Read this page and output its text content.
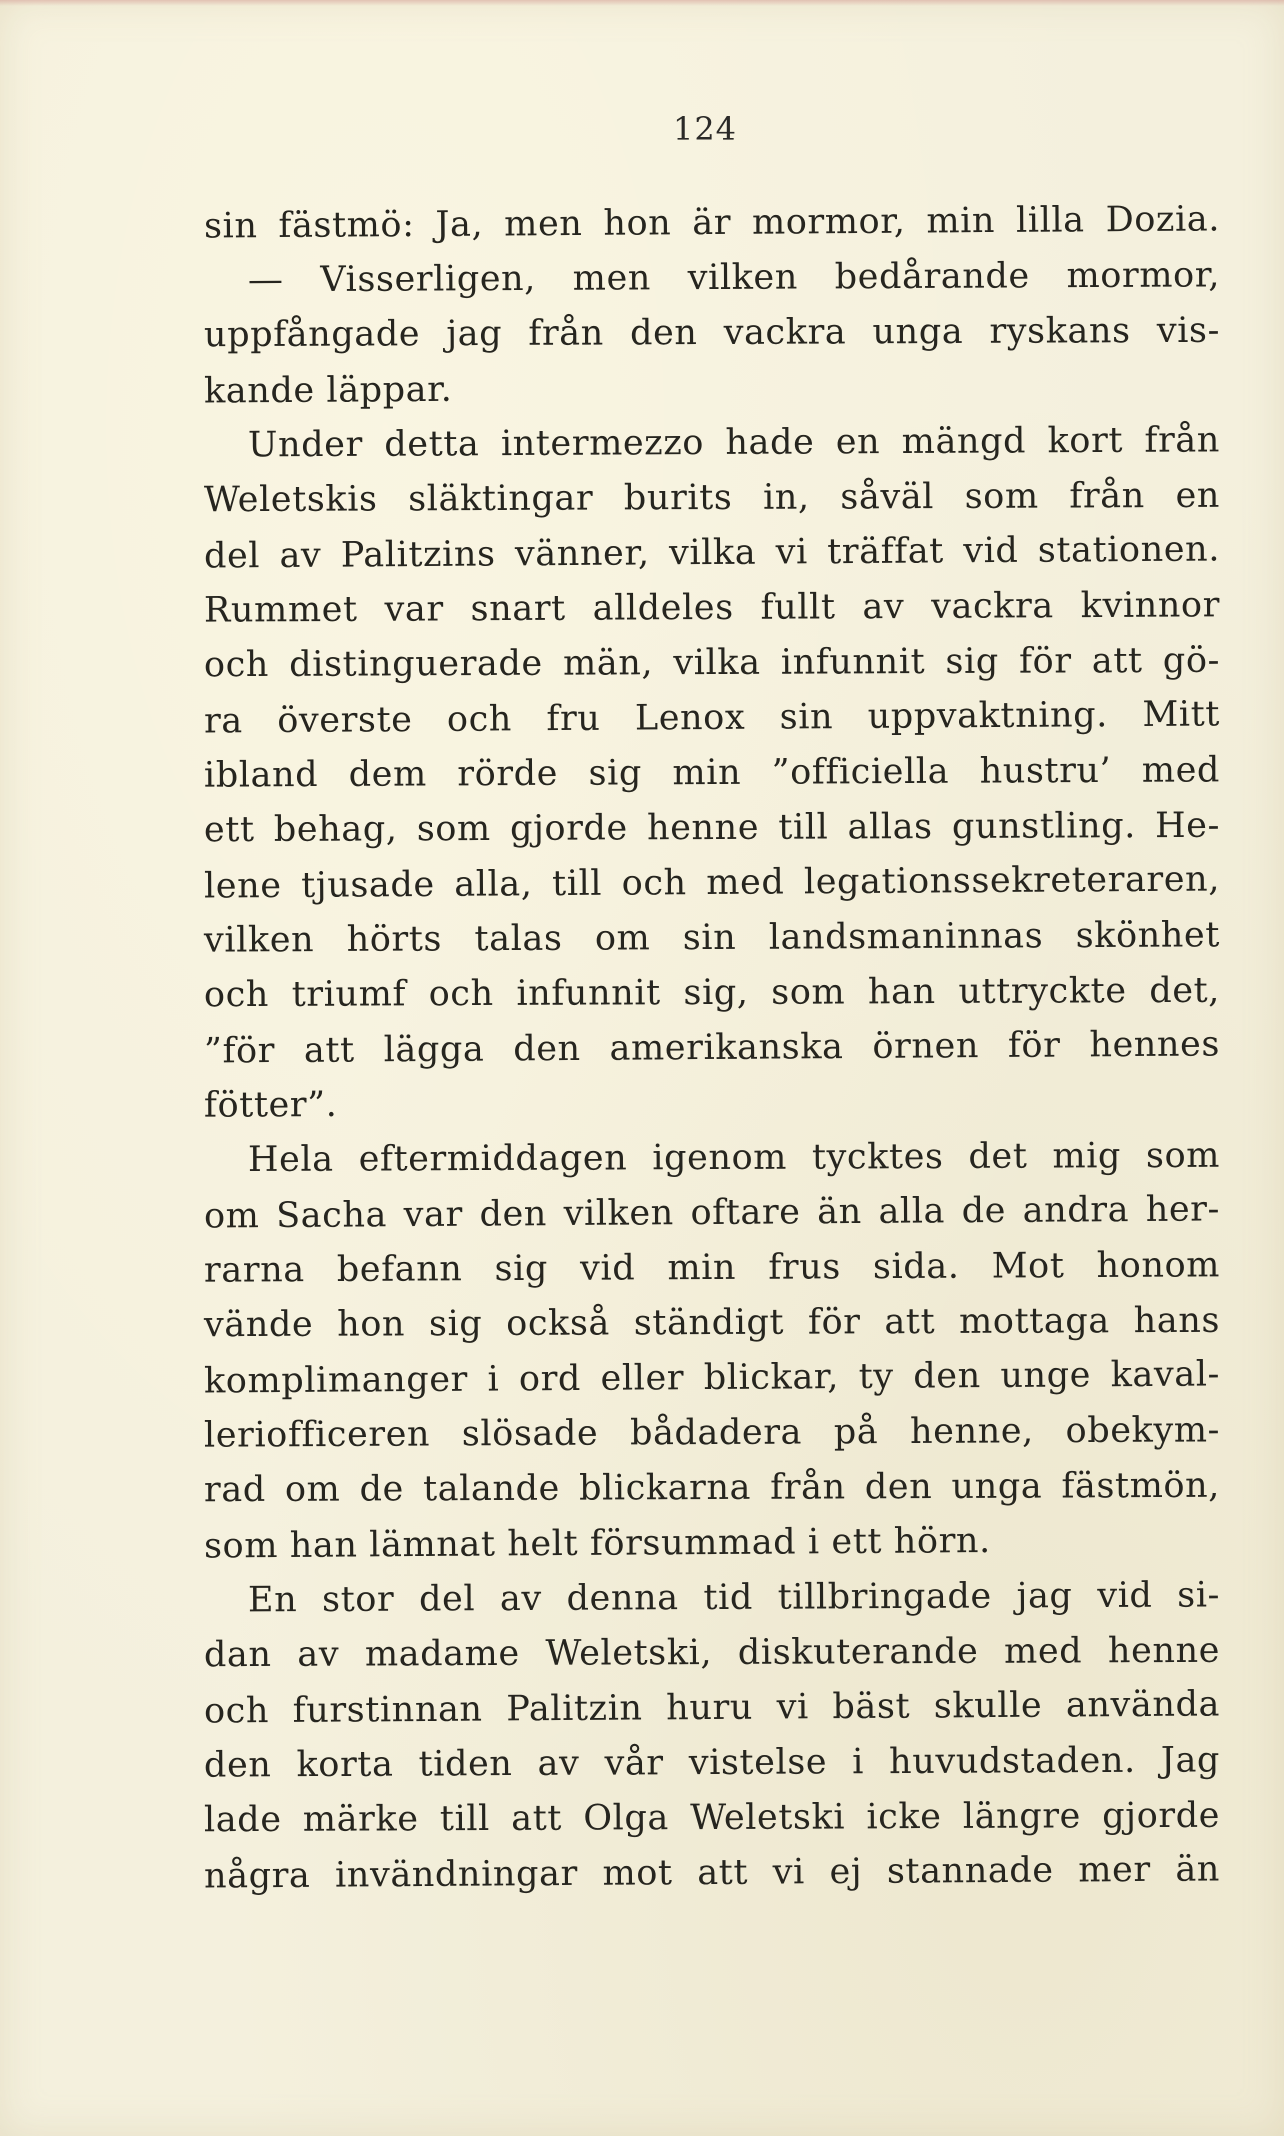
124
sin fästmö: Ja, men hon är mormor, min lilla Dozia.
— Visserligen, men vilken bedårande mormor,
uppfångade jag från den vackra unga ryskans vis-
kande läppar.
Under detta intermezzo hade en mängd kort från
Weletskis släktingar burits in, såväl som från en
del av Palitzins vänner, vilka vi träffat vid stationen.
Rummet var snart alldeles fullt av vackra kvinnor
och distinguerade män, vilka infunnit sig för att gö-
ra överste och fru Lenox sin uppvaktning. Mitt
ibland dem rörde sig min ”officiella hustru’ med
ett behag, som gjorde henne till allas gunstling. He-
lene tjusade alla, till och med legationssekreteraren,
vilken hörts talas om sin landsmaninnas skönhet
och triumf och infunnit sig, som han uttryckte det,
”för att lägga den amerikanska örnen för hennes
fötter”.
Hela eftermiddagen igenom tycktes det mig som
om Sacha var den vilken oftare än alla de andra her-
rarna befann sig vid min frus sida. Mot honom
vände hon sig också ständigt för att mottaga hans
komplimanger i ord eller blickar, ty den unge kaval-
leriofficeren slösade bådadera på henne, obekym-
rad om de talande blickarna från den unga fästmön,
som han lämnat helt försummad i ett hörn.
En stor del av denna tid tillbringade jag vid si-
dan av madame Weletski, diskuterande med henne
och furstinnan Palitzin huru vi bäst skulle använda
den korta tiden av vår vistelse i huvudstaden. Jag
lade märke till att Olga Weletski icke längre gjorde
några invändningar mot att vi ej stannade mer än
